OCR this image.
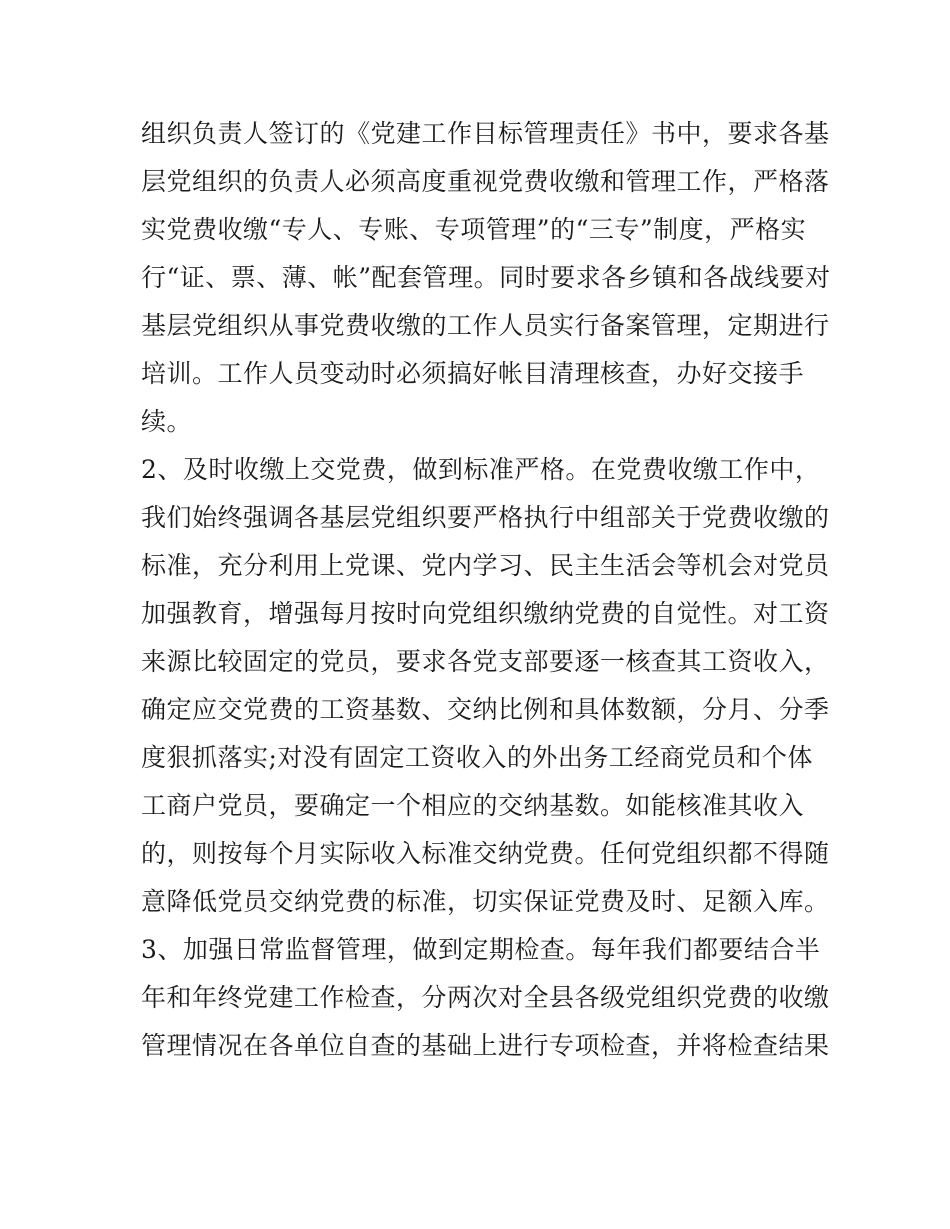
组织负责人签订的《党建工作目标管理责任》书中，要求各基
层党组织的负责人必须高度重视党费收缴和管理工作，严格落
实党费收缴“专人、专账、专项管理”的“三专”制度，严格实
行“证、票、薄、帐”配套管理。同时要求各乡镇和各战线要对
基层党组织从事党费收缴的工作人员实行备案管理，定期进行
培训。工作人员变动时必须搞好帐目清理核查，办好交接手
续。
2、及时收缴上交党费，做到标准严格。在党费收缴工作中，
我们始终强调各基层党组织要严格执行中组部关于党费收缴的
标准，充分利用上党课、党内学习、民主生活会等机会对党员
加强教育，增强每月按时向党组织缴纳党费的自觉性。对工资
来源比较固定的党员，要求各党支部要逐一核查其工资收入，
确定应交党费的工资基数、交纳比例和具体数额，分月、分季
度狠抓落实;对没有固定工资收入的外出务工经商党员和个体
工商户党员，要确定一个相应的交纳基数。如能核准其收入
的，则按每个月实际收入标准交纳党费。任何党组织都不得随
意降低党员交纳党费的标准，切实保证党费及时、足额入库。
3、加强日常监督管理，做到定期检查。每年我们都要结合半
年和年终党建工作检查，分两次对全县各级党组织党费的收缴
管理情况在各单位自查的基础上进行专项检查，并将检查结果
